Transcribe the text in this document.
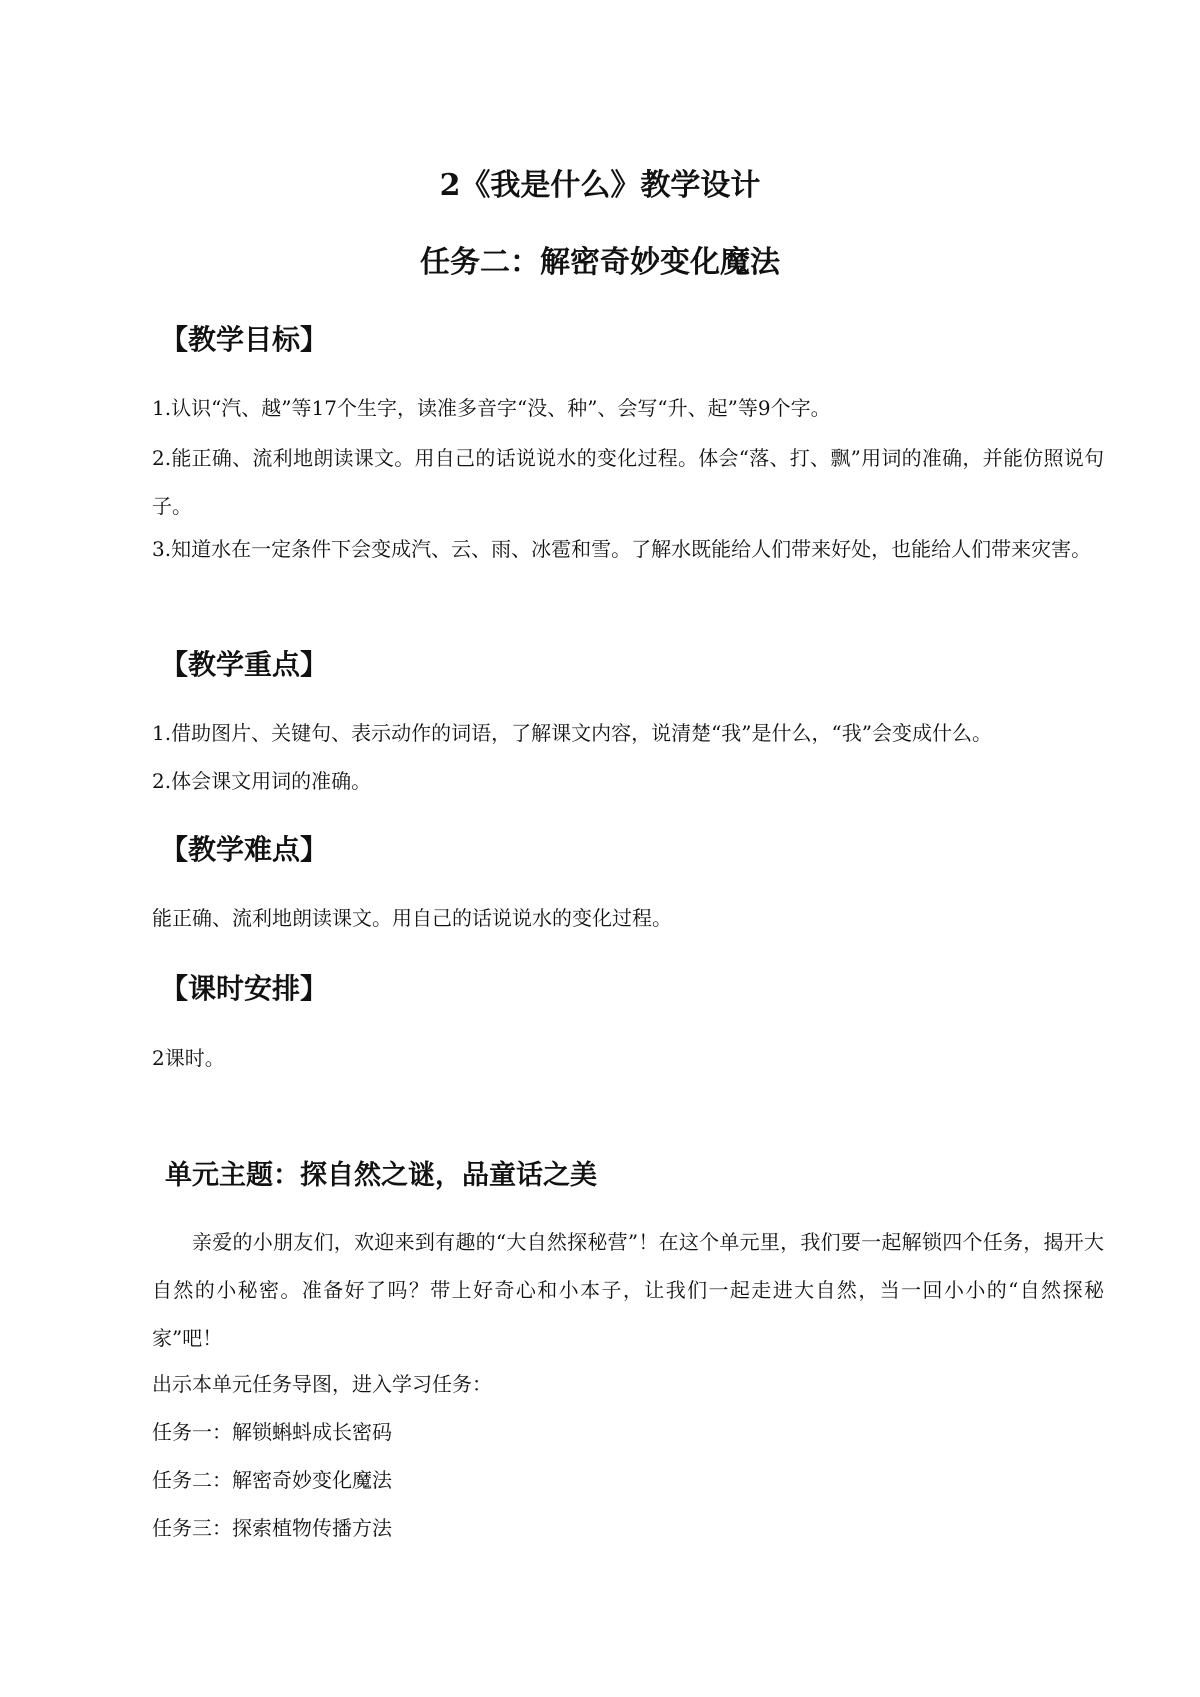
2《我是什么》教学设计
任务二：解密奇妙变化魔法
【教学目标】

1.认识“汽、越”等17个生字，读准多音字“没、种”、会写“升、起”等9个字。

2.能正确、流利地朗读课文。用自己的话说说水的变化过程。体会“落、打、飘”用词的准确，并能仿照说句子。

3.知道水在一定条件下会变成汽、云、雨、冰雹和雪。了解水既能给人们带来好处，也能给人们带来灾害。

【教学重点】

1.借助图片、关键句、表示动作的词语，了解课文内容，说清楚“我”是什么，“我”会变成什么。

2.体会课文用词的准确。

【教学难点】

能正确、流利地朗读课文。用自己的话说说水的变化过程。

【课时安排】

2课时。

单元主题：探自然之谜，品童话之美

亲爱的小朋友们，欢迎来到有趣的“大自然探秘营”！在这个单元里，我们要一起解锁四个任务，揭开大自然的小秘密。准备好了吗？带上好奇心和小本子，让我们一起走进大自然，当一回小小的“自然探秘家”吧！

出示本单元任务导图，进入学习任务：

任务一：解锁蝌蚪成长密码

任务二：解密奇妙变化魔法

任务三：探索植物传播方法
